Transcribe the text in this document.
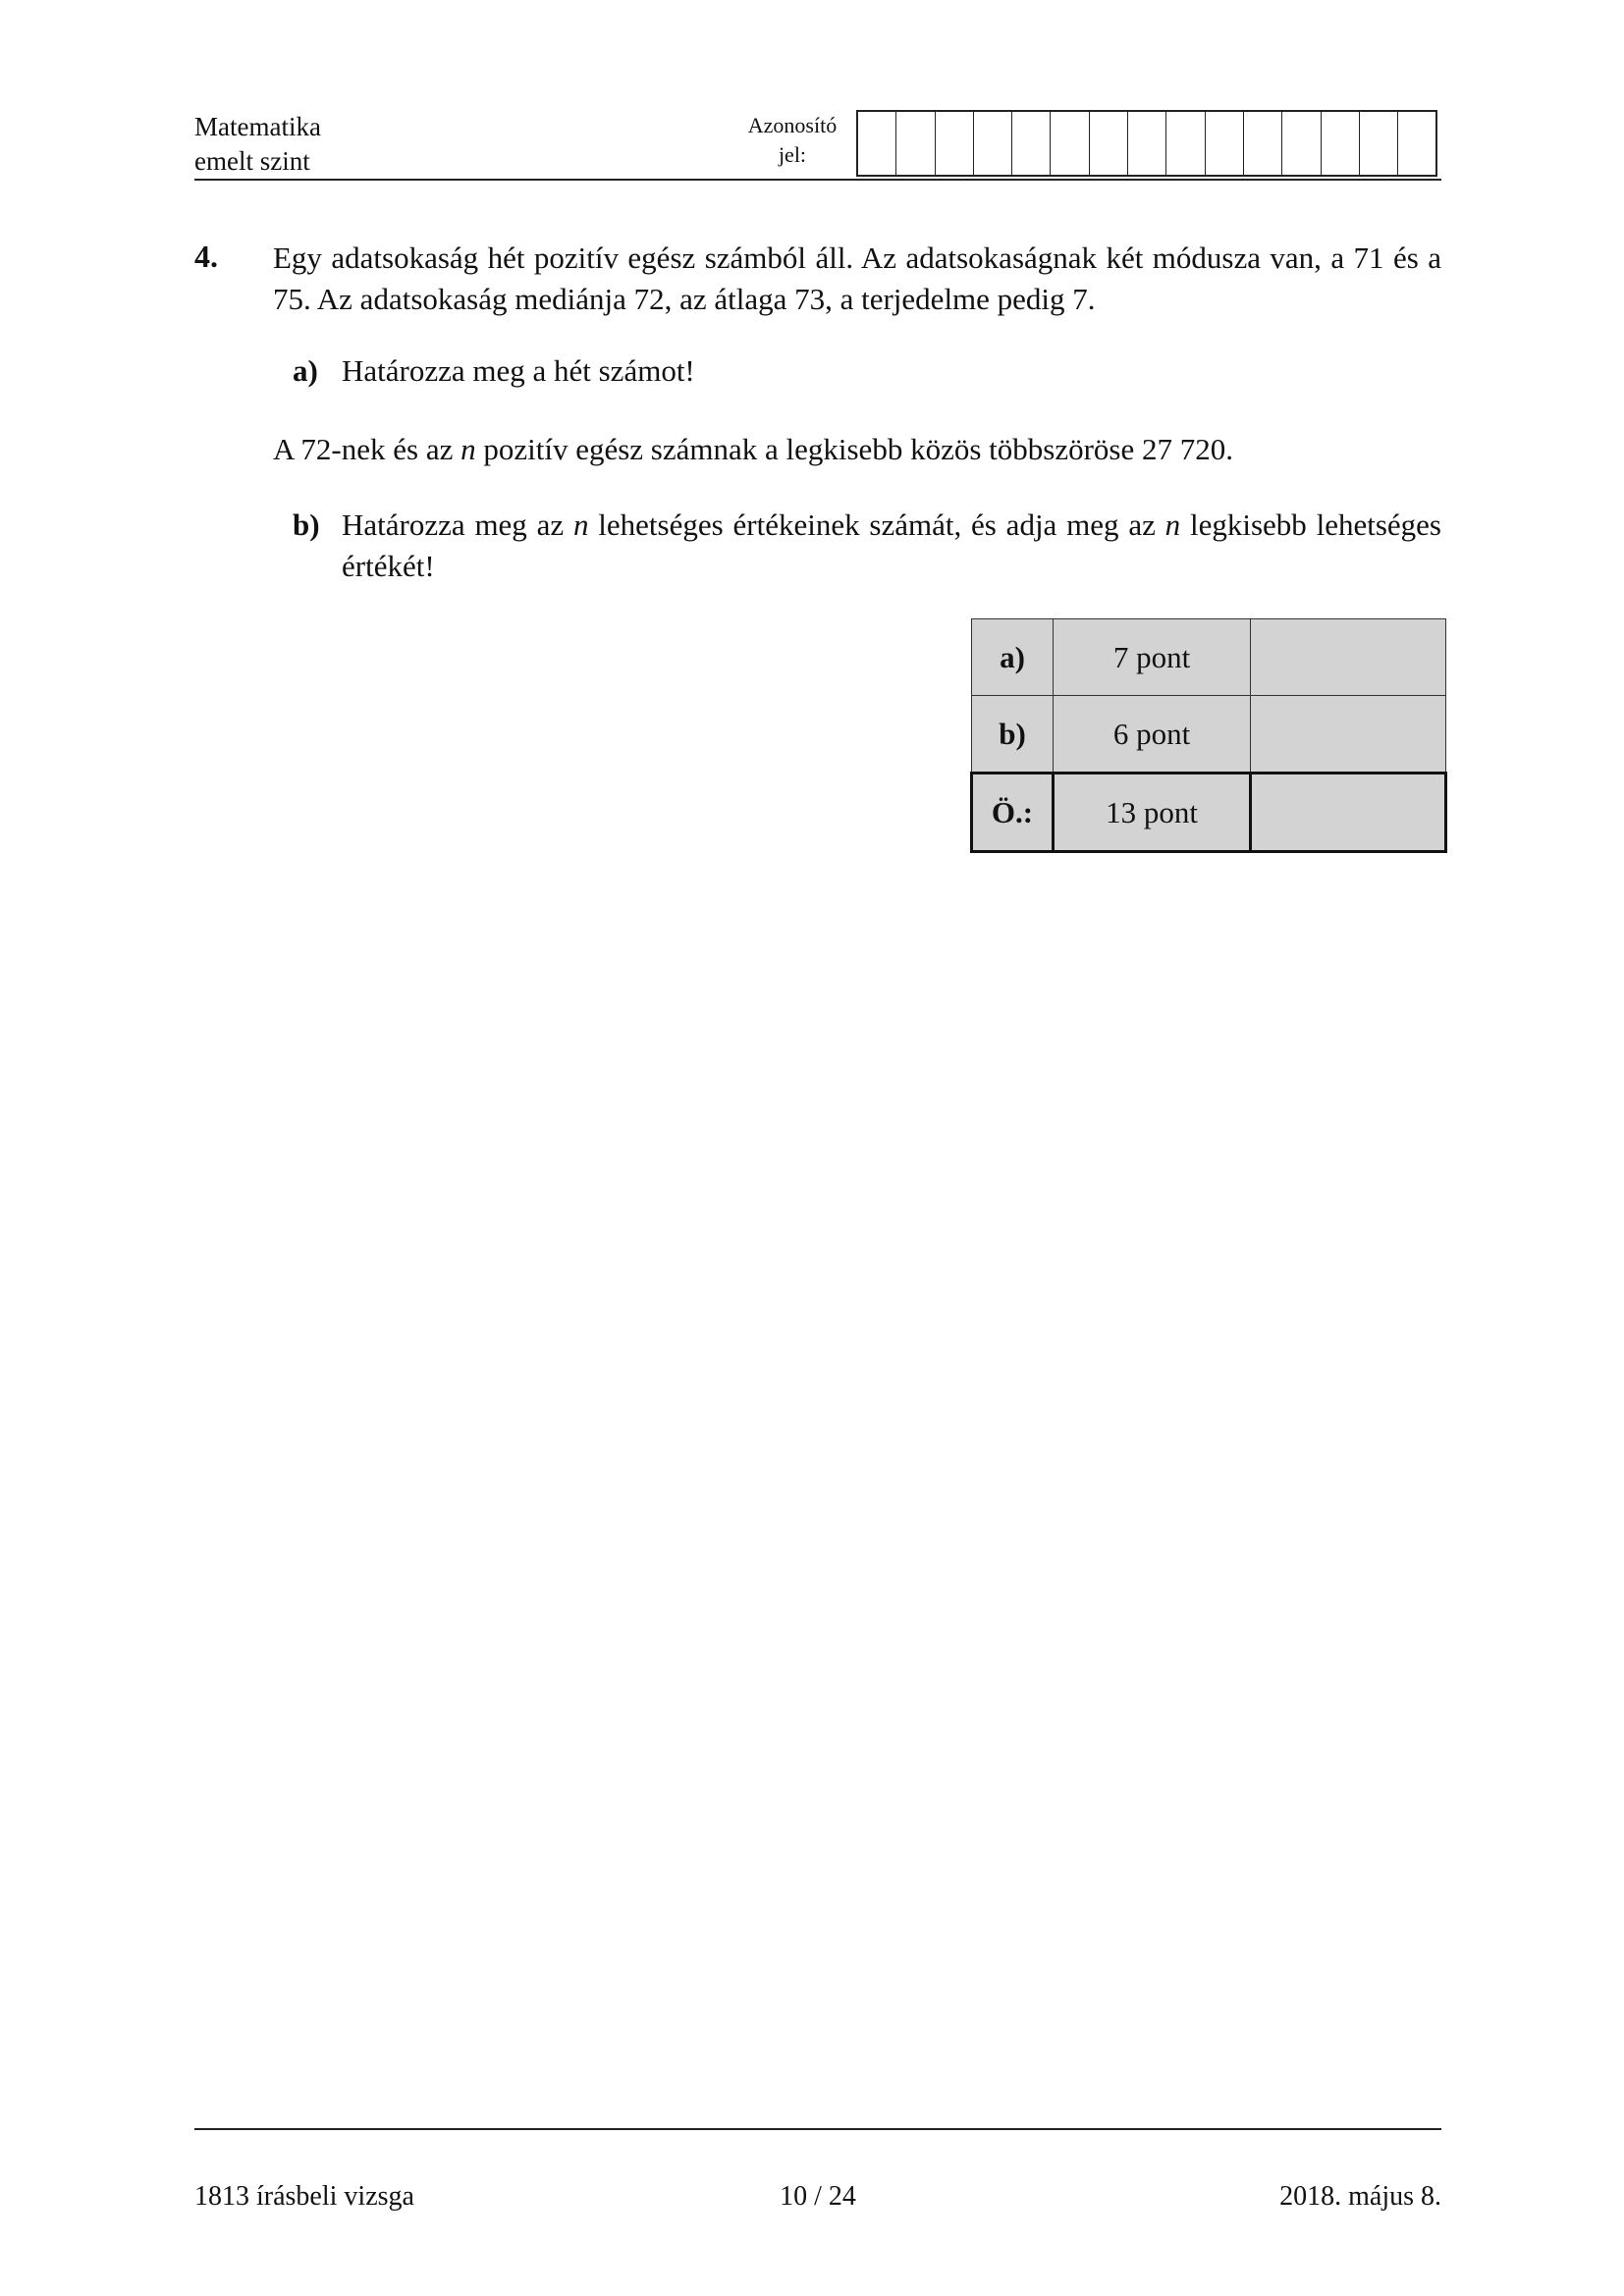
Matematika
emelt szint
Azonosító
jel:
4. Egy adatsokaság hét pozitív egész számból áll. Az adatsokaságnak két módusza van, a 71 és a 75. Az adatsokaság mediánja 72, az átlaga 73, a terjedelme pedig 7.
a) Határozza meg a hét számot!
A 72-nek és az n pozitív egész számnak a legkisebb közös többszöröse 27 720.
b) Határozza meg az n lehetséges értékeinek számát, és adja meg az n legkisebb lehetséges értékét!
a)	7 pont	
b)	6 pont	
Ö.:	13 pont	
1813 írásbeli vizsga	10 / 24	2018. május 8.
